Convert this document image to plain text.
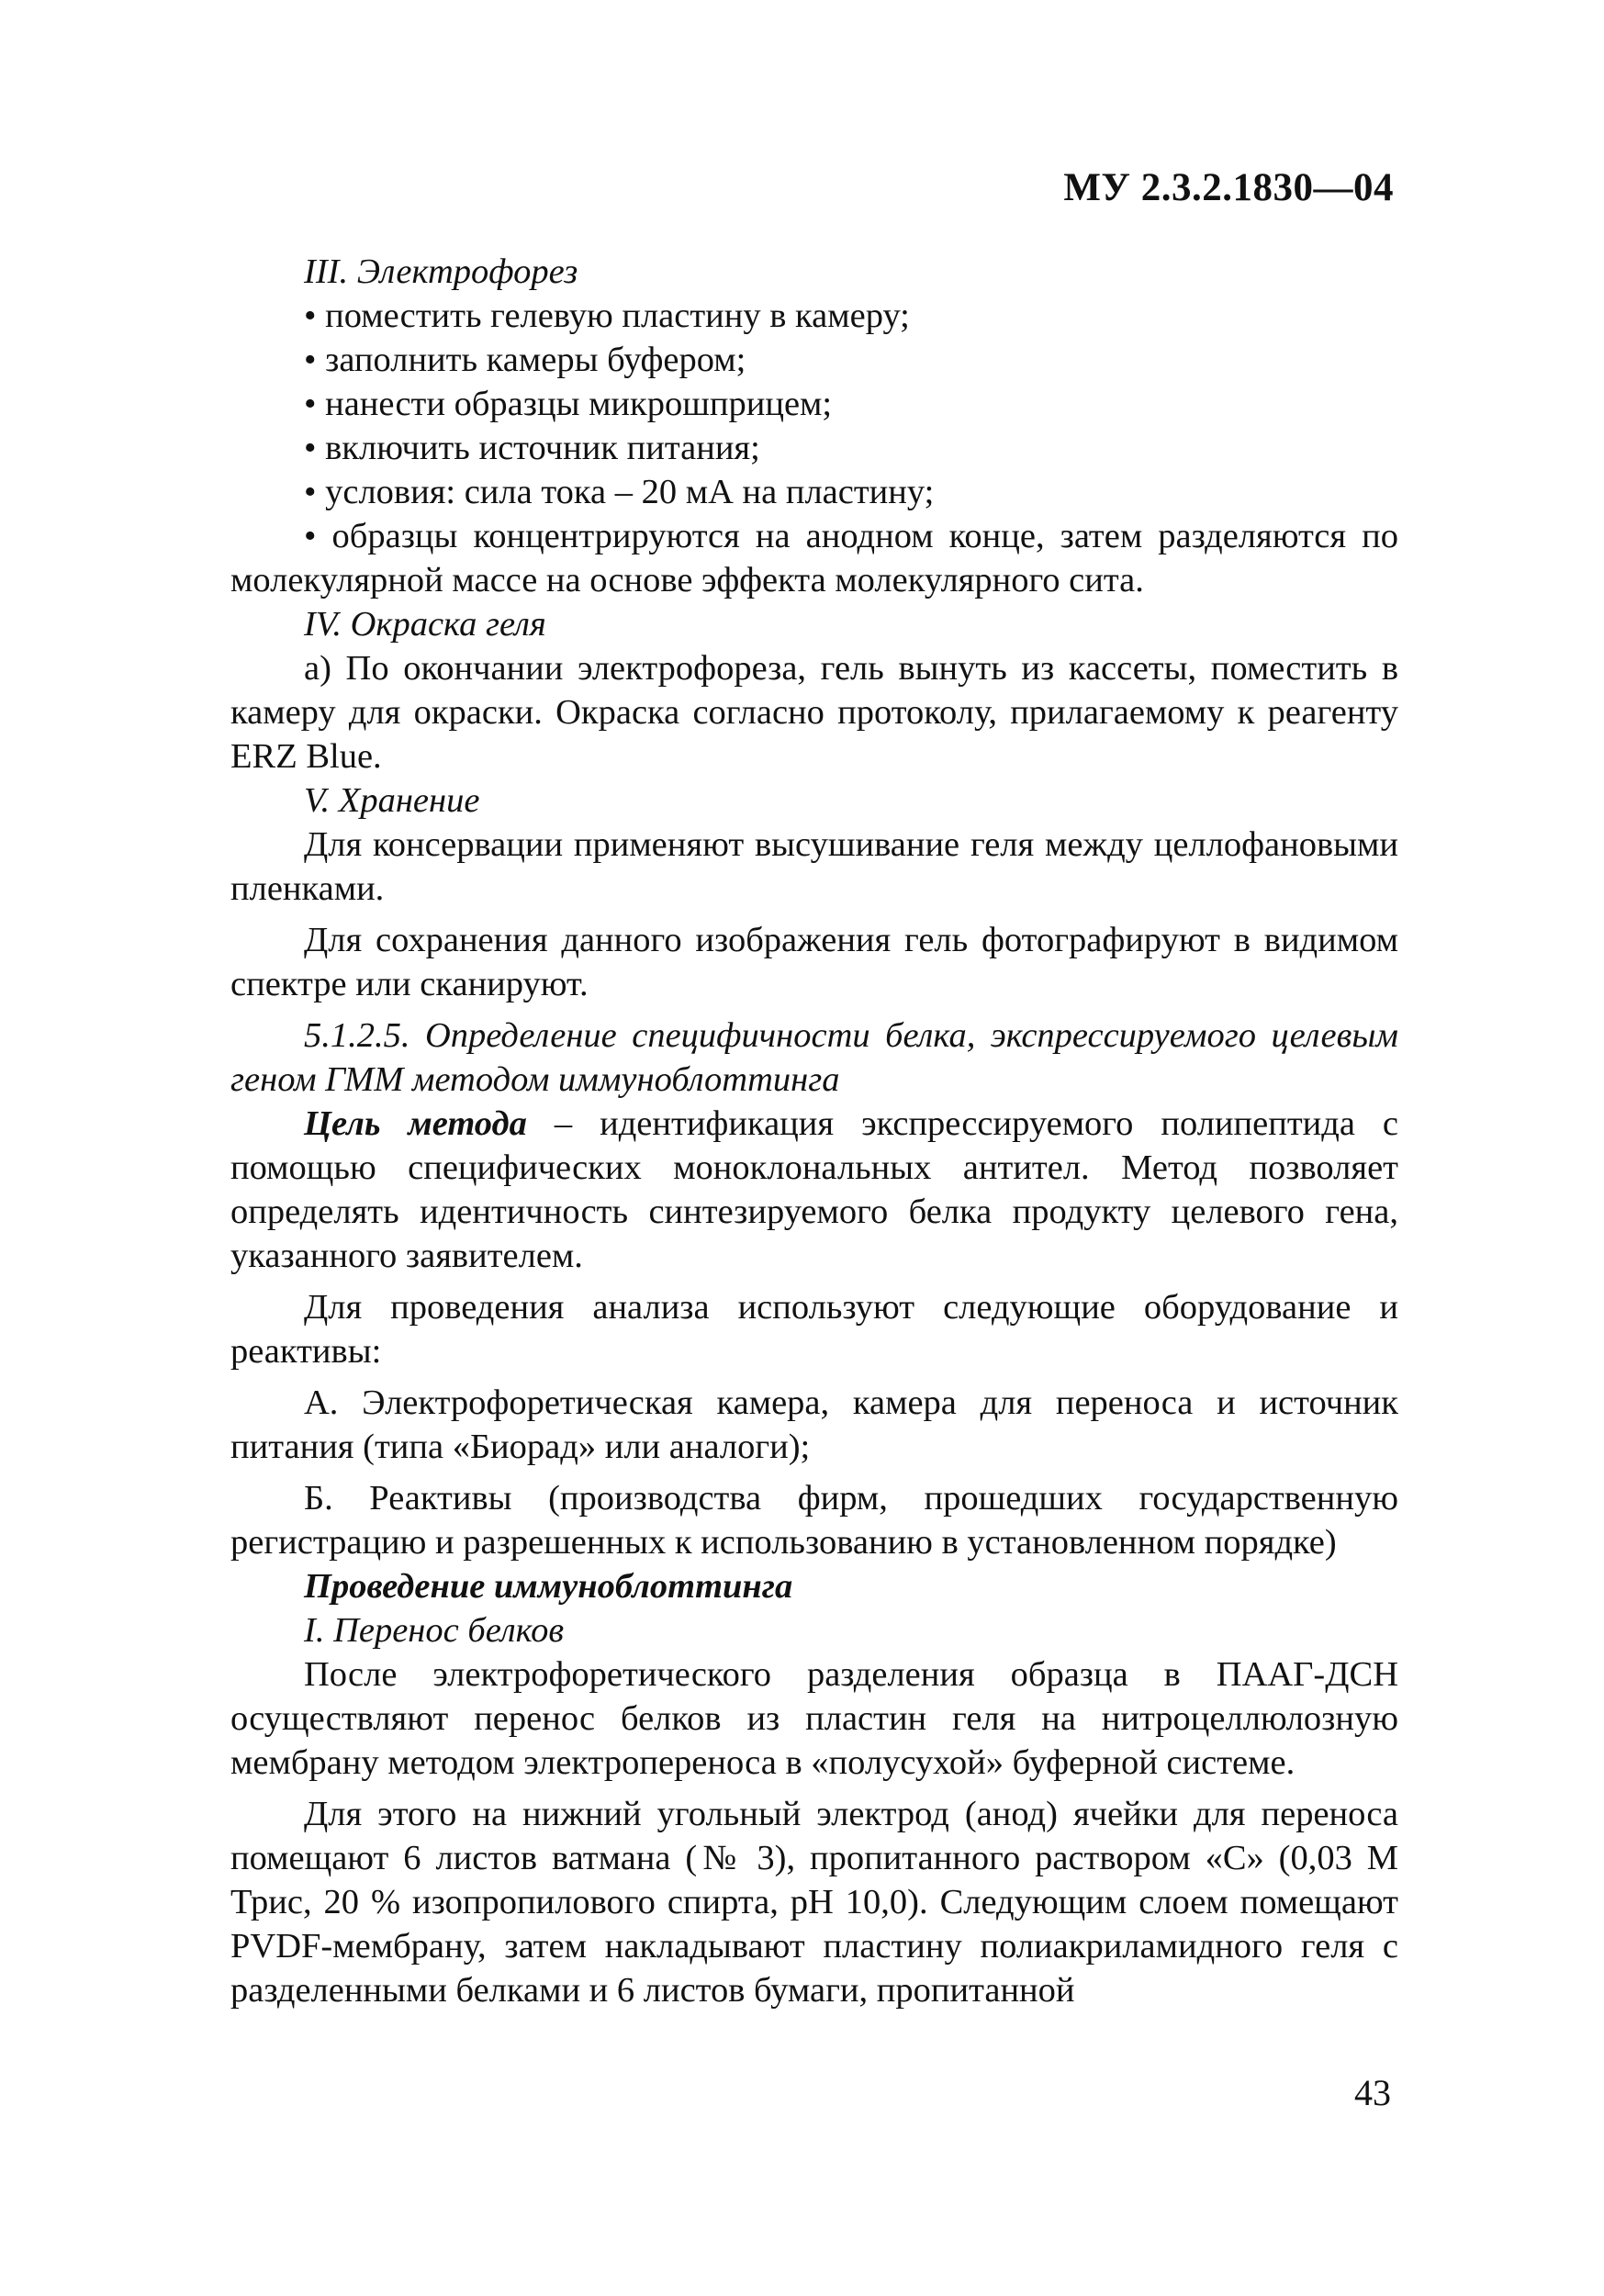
МУ 2.3.2.1830—04

III. Электрофорез

• поместить гелевую пластину в камеру;

• заполнить камеры буфером;

• нанести образцы микрошприцем;

• включить источник питания;

• условия: сила тока – 20 мА на пластину;

• образцы концентрируются на анодном конце, затем разделяются по молекулярной массе на основе эффекта молекулярного сита.

IV. Окраска геля

а) По окончании электрофореза, гель вынуть из кассеты, поместить в камеру для окраски. Окраска согласно протоколу, прилагаемому к реагенту ERZ Blue.

V. Хранение

Для консервации применяют высушивание геля между целлофановыми пленками.

Для сохранения данного изображения гель фотографируют в видимом спектре или сканируют.

5.1.2.5. Определение специфичности белка, экспрессируемого целевым геном ГММ методом иммуноблоттинга

Цель метода – идентификация экспрессируемого полипептида с помощью специфических моноклональных антител. Метод позволяет определять идентичность синтезируемого белка продукту целевого гена, указанного заявителем.

Для проведения анализа используют следующие оборудование и реактивы:

А. Электрофоретическая камера, камера для переноса и источник питания (типа «Биорад» или аналоги);

Б. Реактивы (производства фирм, прошедших государственную регистрацию и разрешенных к использованию в установленном порядке)

Проведение иммуноблоттинга

I. Перенос белков

После электрофоретического разделения образца в ПААГ-ДСН осуществляют перенос белков из пластин геля на нитроцеллюлозную мембрану методом электропереноса в «полусухой» буферной системе.

Для этого на нижний угольный электрод (анод) ячейки для переноса помещают 6 листов ватмана (№ 3), пропитанного раствором «С» (0,03 М Трис, 20 % изопропилового спирта, pH 10,0). Следующим слоем помещают PVDF-мембрану, затем накладывают пластину полиакриламидного геля с разделенными белками и 6 листов бумаги, пропитанной

43
